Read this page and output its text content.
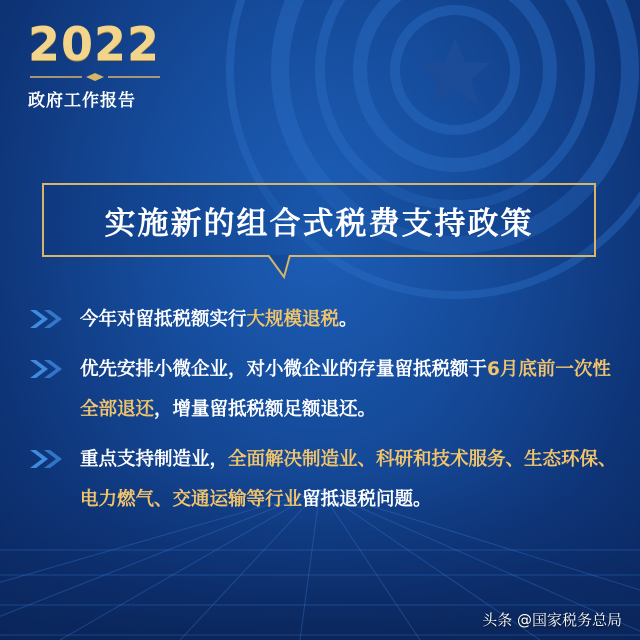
2022
政府工作报告
实施新的组合式税费支持政策
今年对留抵税额实行大规模退税。
优先安排小微企业，对小微企业的存量留抵税额于6月底前一次性全部退还，增量留抵税额足额退还。
重点支持制造业，全面解决制造业、科研和技术服务、生态环保、电力燃气、交通运输等行业留抵退税问题。
头条 @国家税务总局
